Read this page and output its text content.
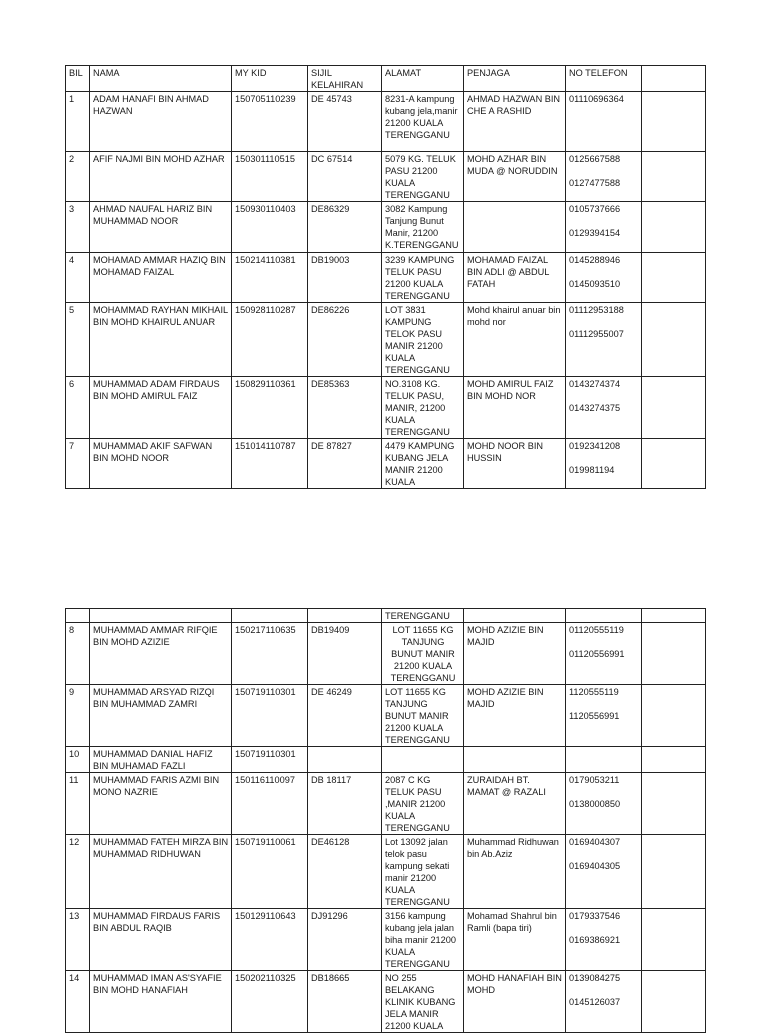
BIL	NAMA	MY KID	SIJIL KELAHIRAN	ALAMAT	PENJAGA	NO TELEFON	
1	ADAM HANAFI BIN AHMAD HAZWAN	150705110239	DE 45743	8231-A kampung kubang jela,manir 21200 KUALA TERENGGANU	AHMAD HAZWAN BIN CHE A RASHID	01110696364	

2	AFIF NAJMI BIN MOHD AZHAR	150301110515	DC 67514	5079 KG. TELUK PASU 21200 KUALA TERENGGANU	MOHD AZHAR BIN MUDA @ NORUDDIN	0125667588
0127477588	

3	AHMAD NAUFAL HARIZ BIN MUHAMMAD NOOR	150930110403	DE86329	3082 Kampung Tanjung Bunut Manir, 21200 K.TERENGGANU		0105737666
0129394154	

4	MOHAMAD AMMAR HAZIQ BIN MOHAMAD FAIZAL	150214110381	DB19003	3239 KAMPUNG TELUK PASU 21200 KUALA TERENGGANU	MOHAMAD FAIZAL BIN ADLI @ ABDUL FATAH	0145288946
0145093510	

5	MOHAMMAD RAYHAN MIKHAIL BIN MOHD KHAIRUL ANUAR	150928110287	DE86226	LOT 3831 KAMPUNG TELOK PASU MANIR 21200 KUALA TERENGGANU	Mohd khairul anuar bin mohd nor	01112953188
01112955007	

6	MUHAMMAD ADAM FIRDAUS BIN MOHD AMIRUL FAIZ	150829110361	DE85363	NO.3108 KG. TELUK PASU, MANIR, 21200 KUALA TERENGGANU	MOHD AMIRUL FAIZ BIN MOHD NOR	0143274374
0143274375	

7	MUHAMMAD AKIF SAFWAN BIN MOHD NOOR	151014110787	DE 87827	4479 KAMPUNG KUBANG JELA MANIR 21200 KUALA	MOHD NOOR BIN HUSSIN	0192341208
019981194	

				TERENGGANU			
8	MUHAMMAD AMMAR RIFQIE BIN MOHD AZIZIE	150217110635	DB19409	LOT 11655 KG TANJUNG BUNUT MANIR 21200 KUALA TERENGGANU	MOHD AZIZIE BIN MAJID	01120555119
01120556991	

9	MUHAMMAD ARSYAD RIZQI BIN MUHAMMAD ZAMRI	150719110301	DE 46249	LOT 11655 KG TANJUNG BUNUT MANIR 21200 KUALA TERENGGANU	MOHD AZIZIE BIN MAJID	1120555119
1120556991	

10	MUHAMMAD DANIAL HAFIZ BIN MUHAMAD FAZLI	150719110301					
11	MUHAMMAD FARIS AZMI BIN MONO NAZRIE	150116110097	DB 18117	2087 C KG TELUK PASU ,MANIR 21200 KUALA TERENGGANU	ZURAIDAH BT. MAMAT @ RAZALI	0179053211
0138000850	

12	MUHAMMAD FATEH MIRZA BIN MUHAMMAD RIDHUWAN	150719110061	DE46128	Lot 13092 jalan telok pasu kampung sekati manir 21200 KUALA TERENGGANU	Muhammad Ridhuwan bin Ab.Aziz	0169404307
0169404305	

13	MUHAMMAD FIRDAUS FARIS BIN ABDUL RAQIB	150129110643	DJ91296	3156 kampung kubang jela jalan biha manir 21200 KUALA TERENGGANU	Mohamad Shahrul bin Ramli (bapa tiri)	0179337546
0169386921	

14	MUHAMMAD IMAN AS'SYAFIE BIN MOHD HANAFIAH	150202110325	DB18665	NO 255 BELAKANG KLINIK KUBANG JELA MANIR 21200 KUALA	MOHD HANAFIAH BIN MOHD	0139084275
0145126037	
